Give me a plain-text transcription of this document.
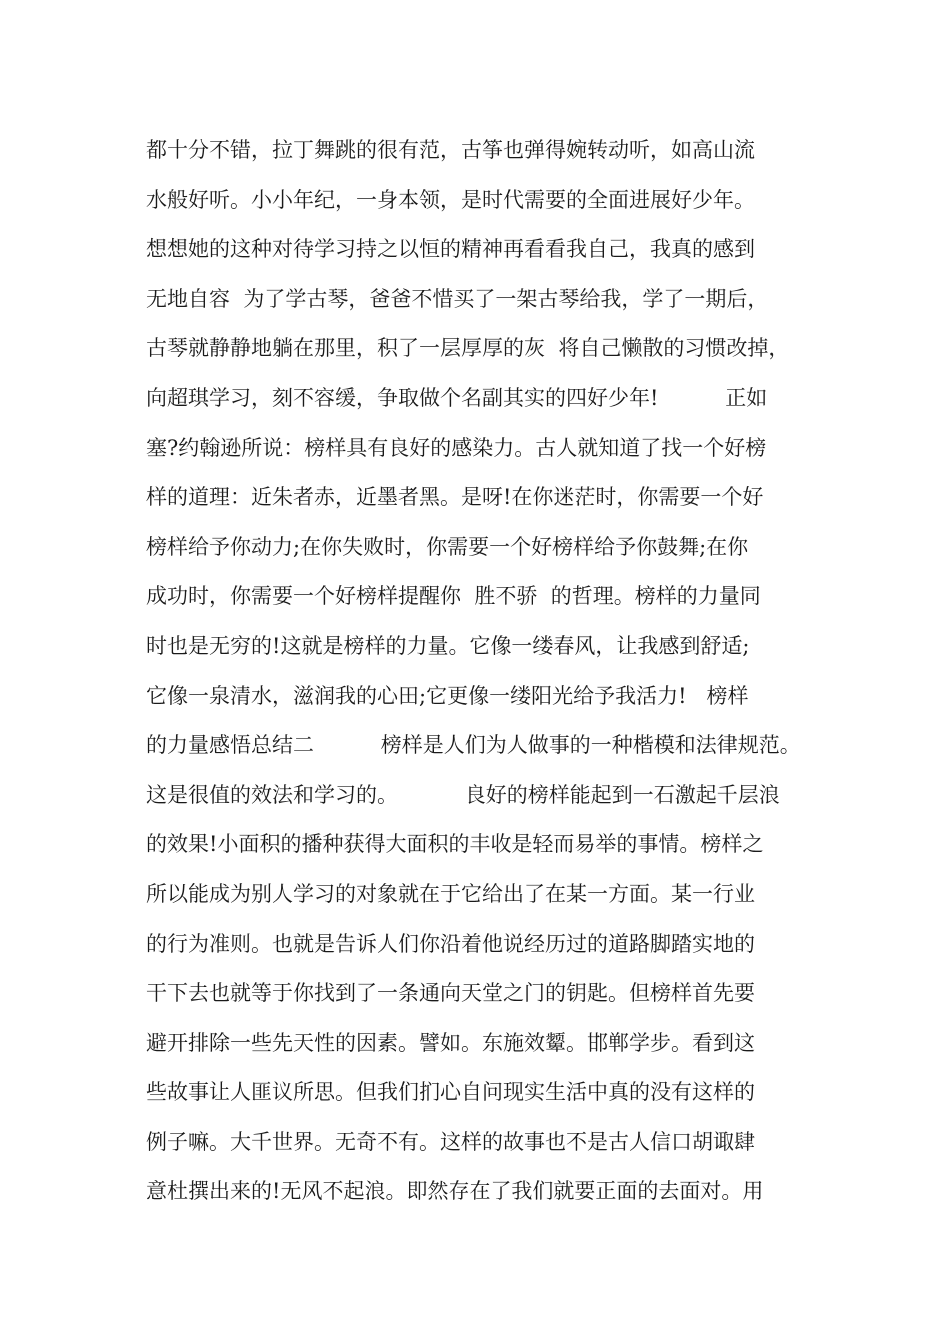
都十分不错，拉丁舞跳的很有范，古筝也弹得婉转动听，如高山流
水般好听。小小年纪，一身本领，是时代需要的全面进展好少年。
想想她的这种对待学习持之以恒的精神再看看我自己，我真的感到
无地自容  为了学古琴，爸爸不惜买了一架古琴给我，学了一期后，
古琴就静静地躺在那里，积了一层厚厚的灰  将自己懒散的习惯改掉，
向超琪学习，刻不容缓，争取做个名副其实的四好少年!          正如
塞?约翰逊所说：榜样具有良好的感染力。古人就知道了找一个好榜
样的道理：近朱者赤，近墨者黑。是呀!在你迷茫时，你需要一个好
榜样给予你动力;在你失败时，你需要一个好榜样给予你鼓舞;在你
成功时，你需要一个好榜样提醒你  胜不骄  的哲理。榜样的力量同
时也是无穷的!这就是榜样的力量。它像一缕春风，让我感到舒适;
它像一泉清水，滋润我的心田;它更像一缕阳光给予我活力!   榜样
的力量感悟总结二          榜样是人们为人做事的一种楷模和法律规范。
这是很值的效法和学习的。          良好的榜样能起到一石激起千层浪
的效果!小面积的播种获得大面积的丰收是轻而易举的事情。榜样之
所以能成为别人学习的对象就在于它给出了在某一方面。某一行业
的行为准则。也就是告诉人们你沿着他说经历过的道路脚踏实地的
干下去也就等于你找到了一条通向天堂之门的钥匙。但榜样首先要
避开排除一些先天性的因素。譬如。东施效颦。邯郸学步。看到这
些故事让人匪议所思。但我们扪心自问现实生活中真的没有这样的
例子嘛。大千世界。无奇不有。这样的故事也不是古人信口胡诹肆
意杜撰出来的!无风不起浪。即然存在了我们就要正面的去面对。用
